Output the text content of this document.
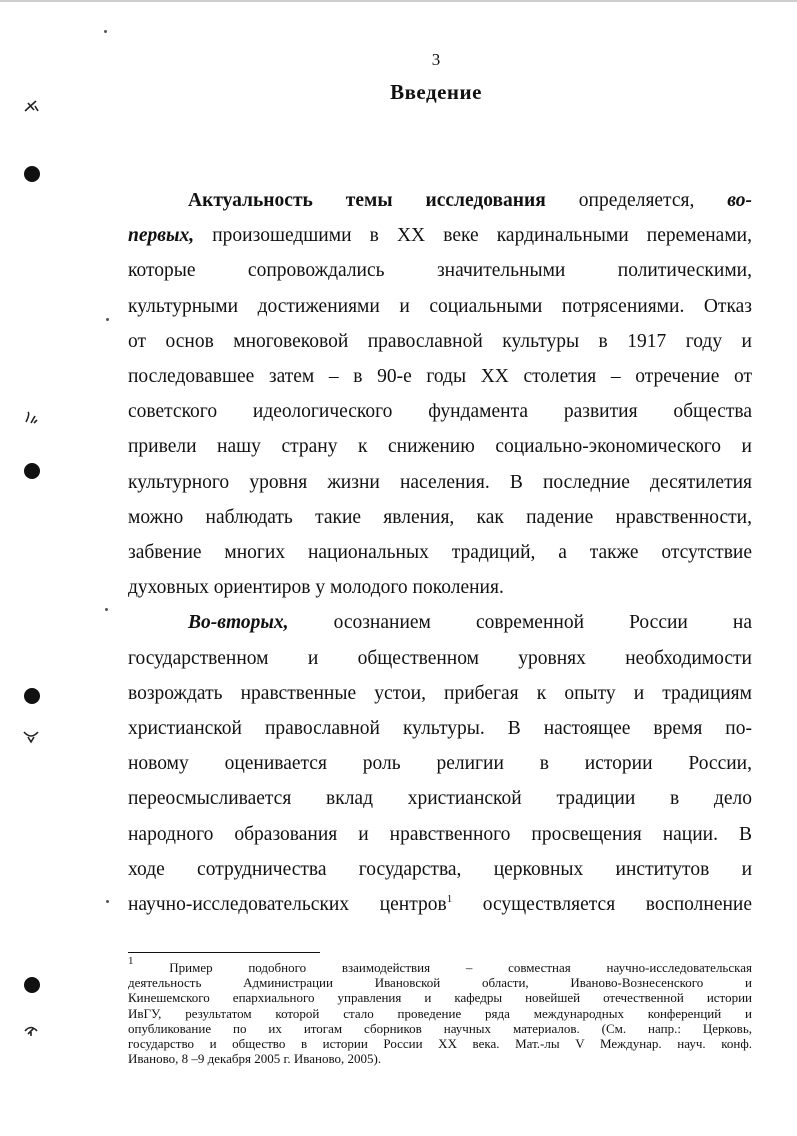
3
Введение
Актуальность темы исследования определяется, во-
первых, произошедшими в XX веке кардинальными переменами,
которые сопровождались значительными политическими,
культурными достижениями и социальными потрясениями. Отказ
от основ многовековой православной культуры в 1917 году и
последовавшее затем – в 90-е годы XX столетия – отречение от
советского идеологического фундамента развития общества
привели нашу страну к снижению социально-экономического и
культурного уровня жизни населения. В последние десятилетия
можно наблюдать такие явления, как падение нравственности,
забвение многих национальных традиций, а также отсутствие
духовных ориентиров у молодого поколения.
Во-вторых, осознанием современной России на
государственном и общественном уровнях необходимости
возрождать нравственные устои, прибегая к опыту и традициям
христианской православной культуры. В настоящее время по-
новому оценивается роль религии в истории России,
переосмысливается вклад христианской традиции в дело
народного образования и нравственного просвещения нации. В
ходе сотрудничества государства, церковных институтов и
научно-исследовательских центров$^1$ осуществляется восполнение
$^1$ Пример подобного взаимодействия – совместная научно-исследовательская
деятельность Администрации Ивановской области, Иваново-Вознесенского и
Кинешемского епархиального управления и кафедры новейшей отечественной истории
ИвГУ, результатом которой стало проведение ряда международных конференций и
опубликование по их итогам сборников научных материалов. (См. напр.: Церковь,
государство и общество в истории России XX века. Мат.-лы V Междунар. науч. конф.
Иваново, 8 –9 декабря 2005 г. Иваново, 2005).
